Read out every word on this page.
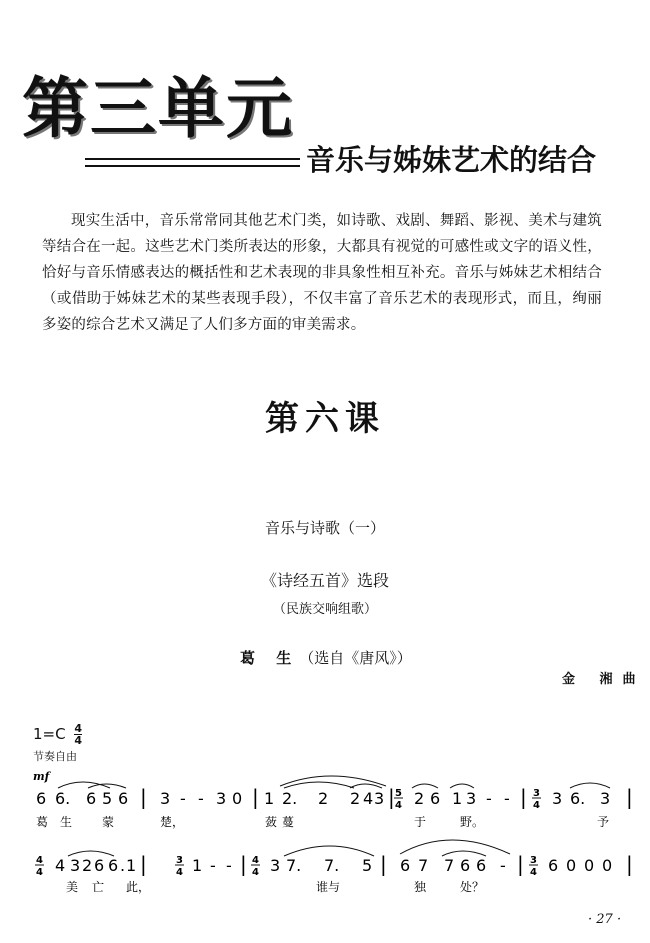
第三单元
音乐与姊妹艺术的结合
现实生活中，音乐常常同其他艺术门类，如诗歌、戏剧、舞蹈、影视、美术与建筑等结合在一起。这些艺术门类所表达的形象，大都具有视觉的可感性或文字的语义性，恰好与音乐情感表达的概括性和艺术表现的非具象性相互补充。音乐与姊妹艺术相结合（或借助于姊妹艺术的某些表现手段），不仅丰富了音乐艺术的表现形式，而且，绚丽多姿的综合艺术又满足了人们多方面的审美需求。
第六课
音乐与诗歌（一）
《诗经五首》选段
（民族交响组歌）
葛 生（选自《唐风》）
金 湘曲
$1=C \frac{4}{4}$
节奏自由
mf
6 6. 6 5 6 | 3 - - 3 0 | 1 2. 2 2 4 3 | 2 6 1 3 - - | 3 6. 3 |
葛 生 蒙	楚，	蔹 蔓	于	野。	予
5
4
3
4
4 3 2 6 6 . 1 |	1 - - | 3 7. 7. 5 | 6 7 7 6 6 - | 6 0 0 0 |
美 亡 此，	谁与	独	处？
4
4
3
4
4
4
3
4
· 27 ·
